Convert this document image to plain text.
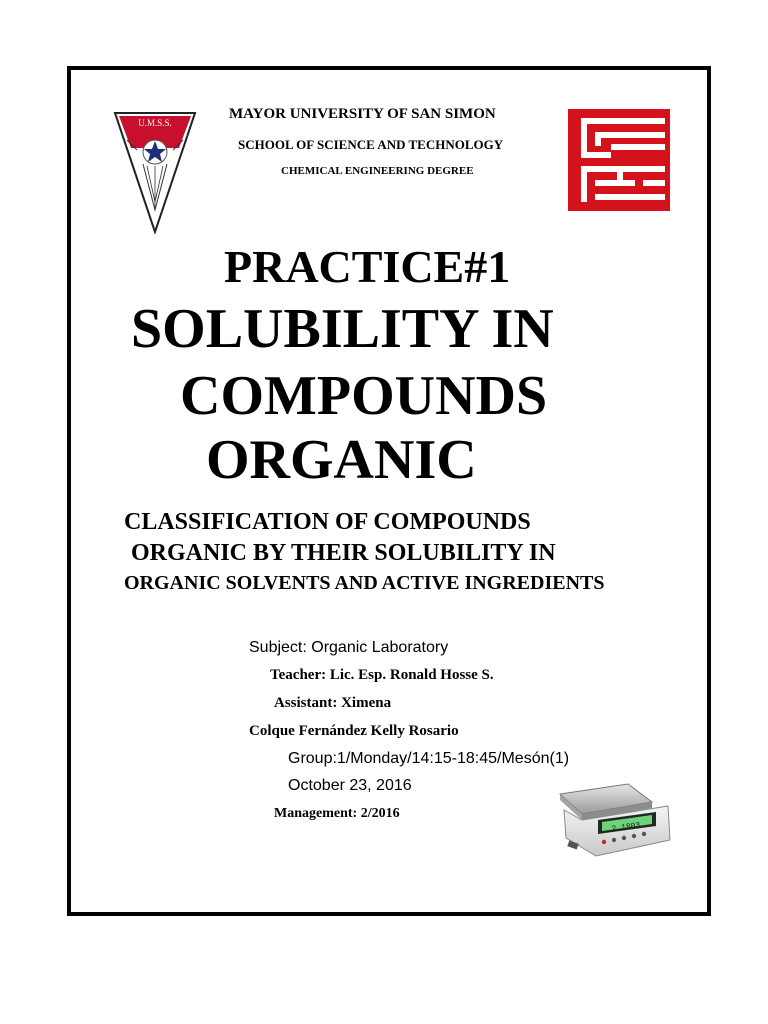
U.M.S.S.
MAYOR UNIVERSITY OF SAN SIMON
SCHOOL OF SCIENCE AND TECHNOLOGY
CHEMICAL ENGINEERING DEGREE
PRACTICE#1
SOLUBILITY IN
COMPOUNDS
ORGANIC
CLASSIFICATION OF COMPOUNDS
ORGANIC BY THEIR SOLUBILITY IN
ORGANIC SOLVENTS AND ACTIVE INGREDIENTS
Subject: Organic Laboratory
Teacher: Lic. Esp. Ronald Hosse S.
Assistant: Ximena
Colque Fernández Kelly Rosario
Group:1/Monday/14:15-18:45/Mesón(1)
October 23, 2016
Management: 2/2016
2.1803
